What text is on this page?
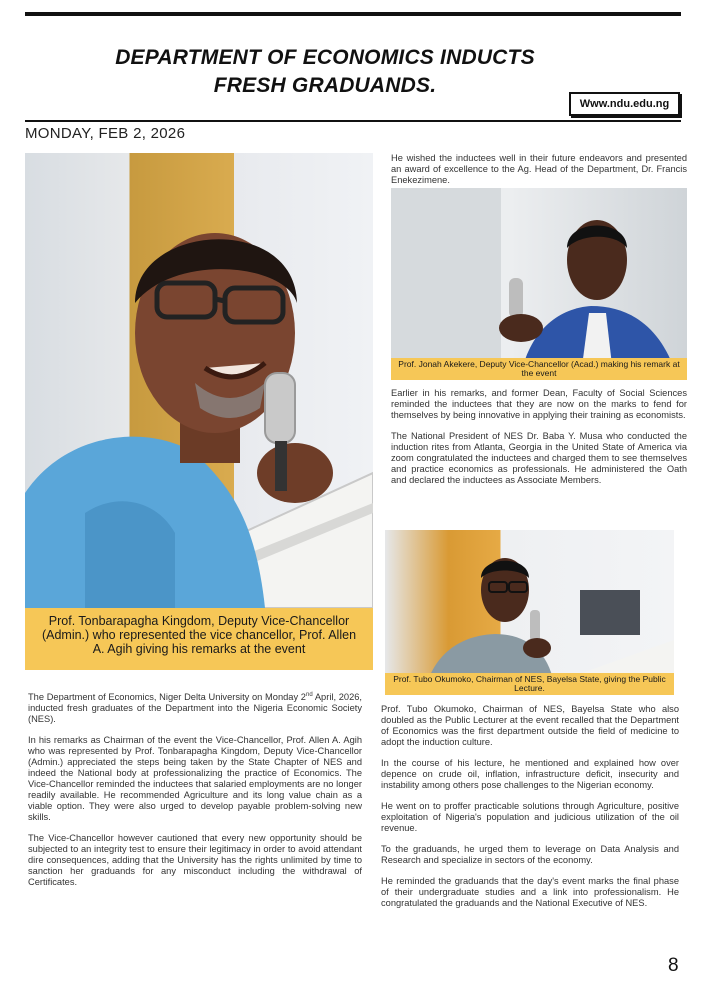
DEPARTMENT OF ECONOMICS INDUCTS
FRESH GRADUANDS.
Www.ndu.edu.ng
MONDAY, FEB 2, 2026
Prof. Tonbarapagha Kingdom, Deputy Vice-Chancellor (Admin.) who represented the vice chancellor, Prof. Allen A. Agih giving his remarks at the event

He wished the inductees well in their future endeavors and presented an award of excellence to the Ag. Head of the Department, Dr. Francis Enekezimene.

Prof. Jonah Akekere, Deputy Vice-Chancellor (Acad.) making his remark at the event

Earlier in his remarks, and former Dean, Faculty of Social Sciences reminded the inductees that they are now on the marks to fend for themselves by being innovative in applying their training as economists.

The National President of NES Dr. Baba Y. Musa who conducted the induction rites from Atlanta, Georgia in the United State of America via zoom congratulated the inductees and charged them to see themselves and practice economics as professionals. He administered the Oath and declared the inductees as Associate Members.

Prof. Tubo Okumoko, Chairman of NES, Bayelsa State, giving the Public Lecture.

The Department of Economics, Niger Delta University on Monday 2nd April, 2026, inducted fresh graduates of the Department into the Nigeria Economic Society (NES).

In his remarks as Chairman of the event the Vice-Chancellor, Prof. Allen A. Agih who was represented by Prof. Tonbarapagha Kingdom, Deputy Vice-Chancellor (Admin.) appreciated the steps being taken by the State Chapter of NES and indeed the National body at professionalizing the practice of Economics. The Vice-Chancellor reminded the inductees that salaried employments are no longer readily available. He recommended Agriculture and its long value chain as a viable option. They were also urged to develop payable problem-solving new skills.

The Vice-Chancellor however cautioned that every new opportunity should be subjected to an integrity test to ensure their legitimacy in order to avoid attendant dire consequences, adding that the University has the rights unlimited by time to sanction her graduands for any misconduct including the withdrawal of Certificates.

Prof. Tubo Okumoko, Chairman of NES, Bayelsa State who also doubled as the Public Lecturer at the event recalled that the Department of Economics was the first department outside the field of medicine to adopt the induction culture.

In the course of his lecture, he mentioned and explained how over depence on crude oil, inflation, infrastructure deficit, insecurity and instability among others pose challenges to the Nigerian economy.

He went on to proffer practicable solutions through Agriculture, positive exploitation of Nigeria's population and judicious utilization of the oil revenue.

To the graduands, he urged them to leverage on Data Analysis and Research and specialize in sectors of the economy.

He reminded the graduands that the day's event marks the final phase of their undergraduate studies and a link into professionalism. He congratulated the graduands and the National Executive of NES.

8
